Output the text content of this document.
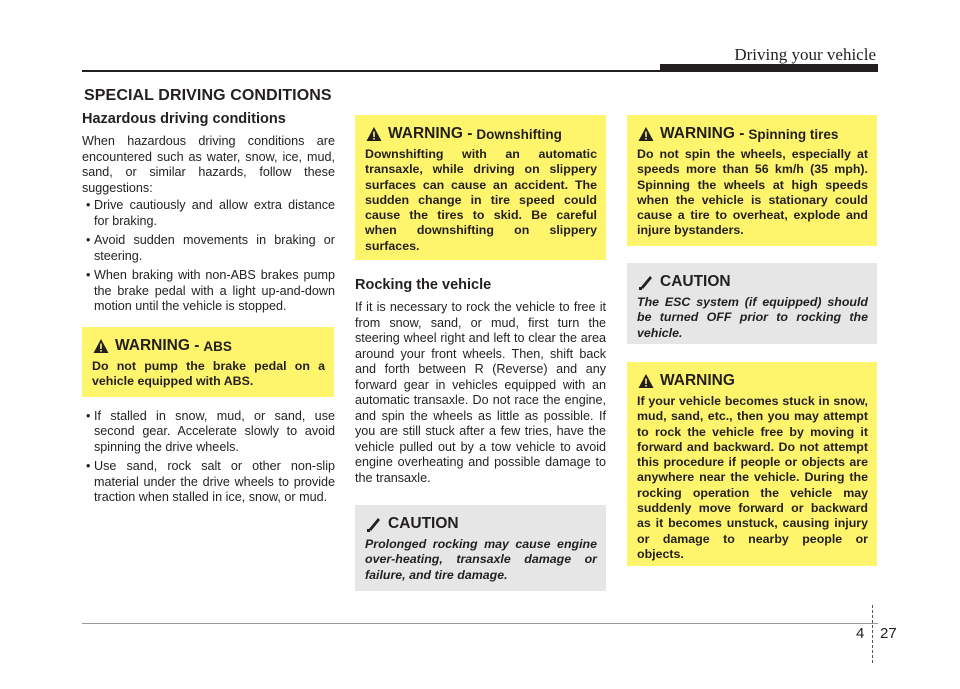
Driving your vehicle
SPECIAL DRIVING CONDITIONS
Hazardous driving conditions

When hazardous driving conditions are encountered such as water, snow, ice, mud, sand, or similar hazards, follow these suggestions:

• Drive cautiously and allow extra distance for braking.
• Avoid sudden movements in braking or steering.
• When braking with non-ABS brakes pump the brake pedal with a light up-and-down motion until the vehicle is stopped.
• If stalled in snow, mud, or sand, use second gear. Accelerate slowly to avoid spinning the drive wheels.
• Use sand, rock salt or other non-slip material under the drive wheels to provide traction when stalled in ice, snow, or mud.
WARNING - ABS

Do not pump the brake pedal on a vehicle equipped with ABS.

WARNING - Downshifting

Downshifting with an automatic transaxle, while driving on slippery surfaces can cause an accident. The sudden change in tire speed could cause the tires to skid. Be careful when downshifting on slippery surfaces.

Rocking the vehicle

If it is necessary to rock the vehicle to free it from snow, sand, or mud, first turn the steering wheel right and left to clear the area around your front wheels. Then, shift back and forth between R (Reverse) and any forward gear in vehicles equipped with an automatic transaxle. Do not race the engine, and spin the wheels as little as possible. If you are still stuck after a few tries, have the vehicle pulled out by a tow vehicle to avoid engine overheating and possible damage to the transaxle.

CAUTION

Prolonged rocking may cause engine over-heating, transaxle damage or failure, and tire damage.

WARNING - Spinning tires

Do not spin the wheels, especially at speeds more than 56 km/h (35 mph). Spinning the wheels at high speeds when the vehicle is stationary could cause a tire to overheat, explode and injure bystanders.

CAUTION

The ESC system (if equipped) should be turned OFF prior to rocking the vehicle.

WARNING

If your vehicle becomes stuck in snow, mud, sand, etc., then you may attempt to rock the vehicle free by moving it forward and backward. Do not attempt this procedure if people or objects are anywhere near the vehicle. During the rocking operation the vehicle may suddenly move forward or backward as it becomes unstuck, causing injury or damage to nearby people or objects.

4 27
